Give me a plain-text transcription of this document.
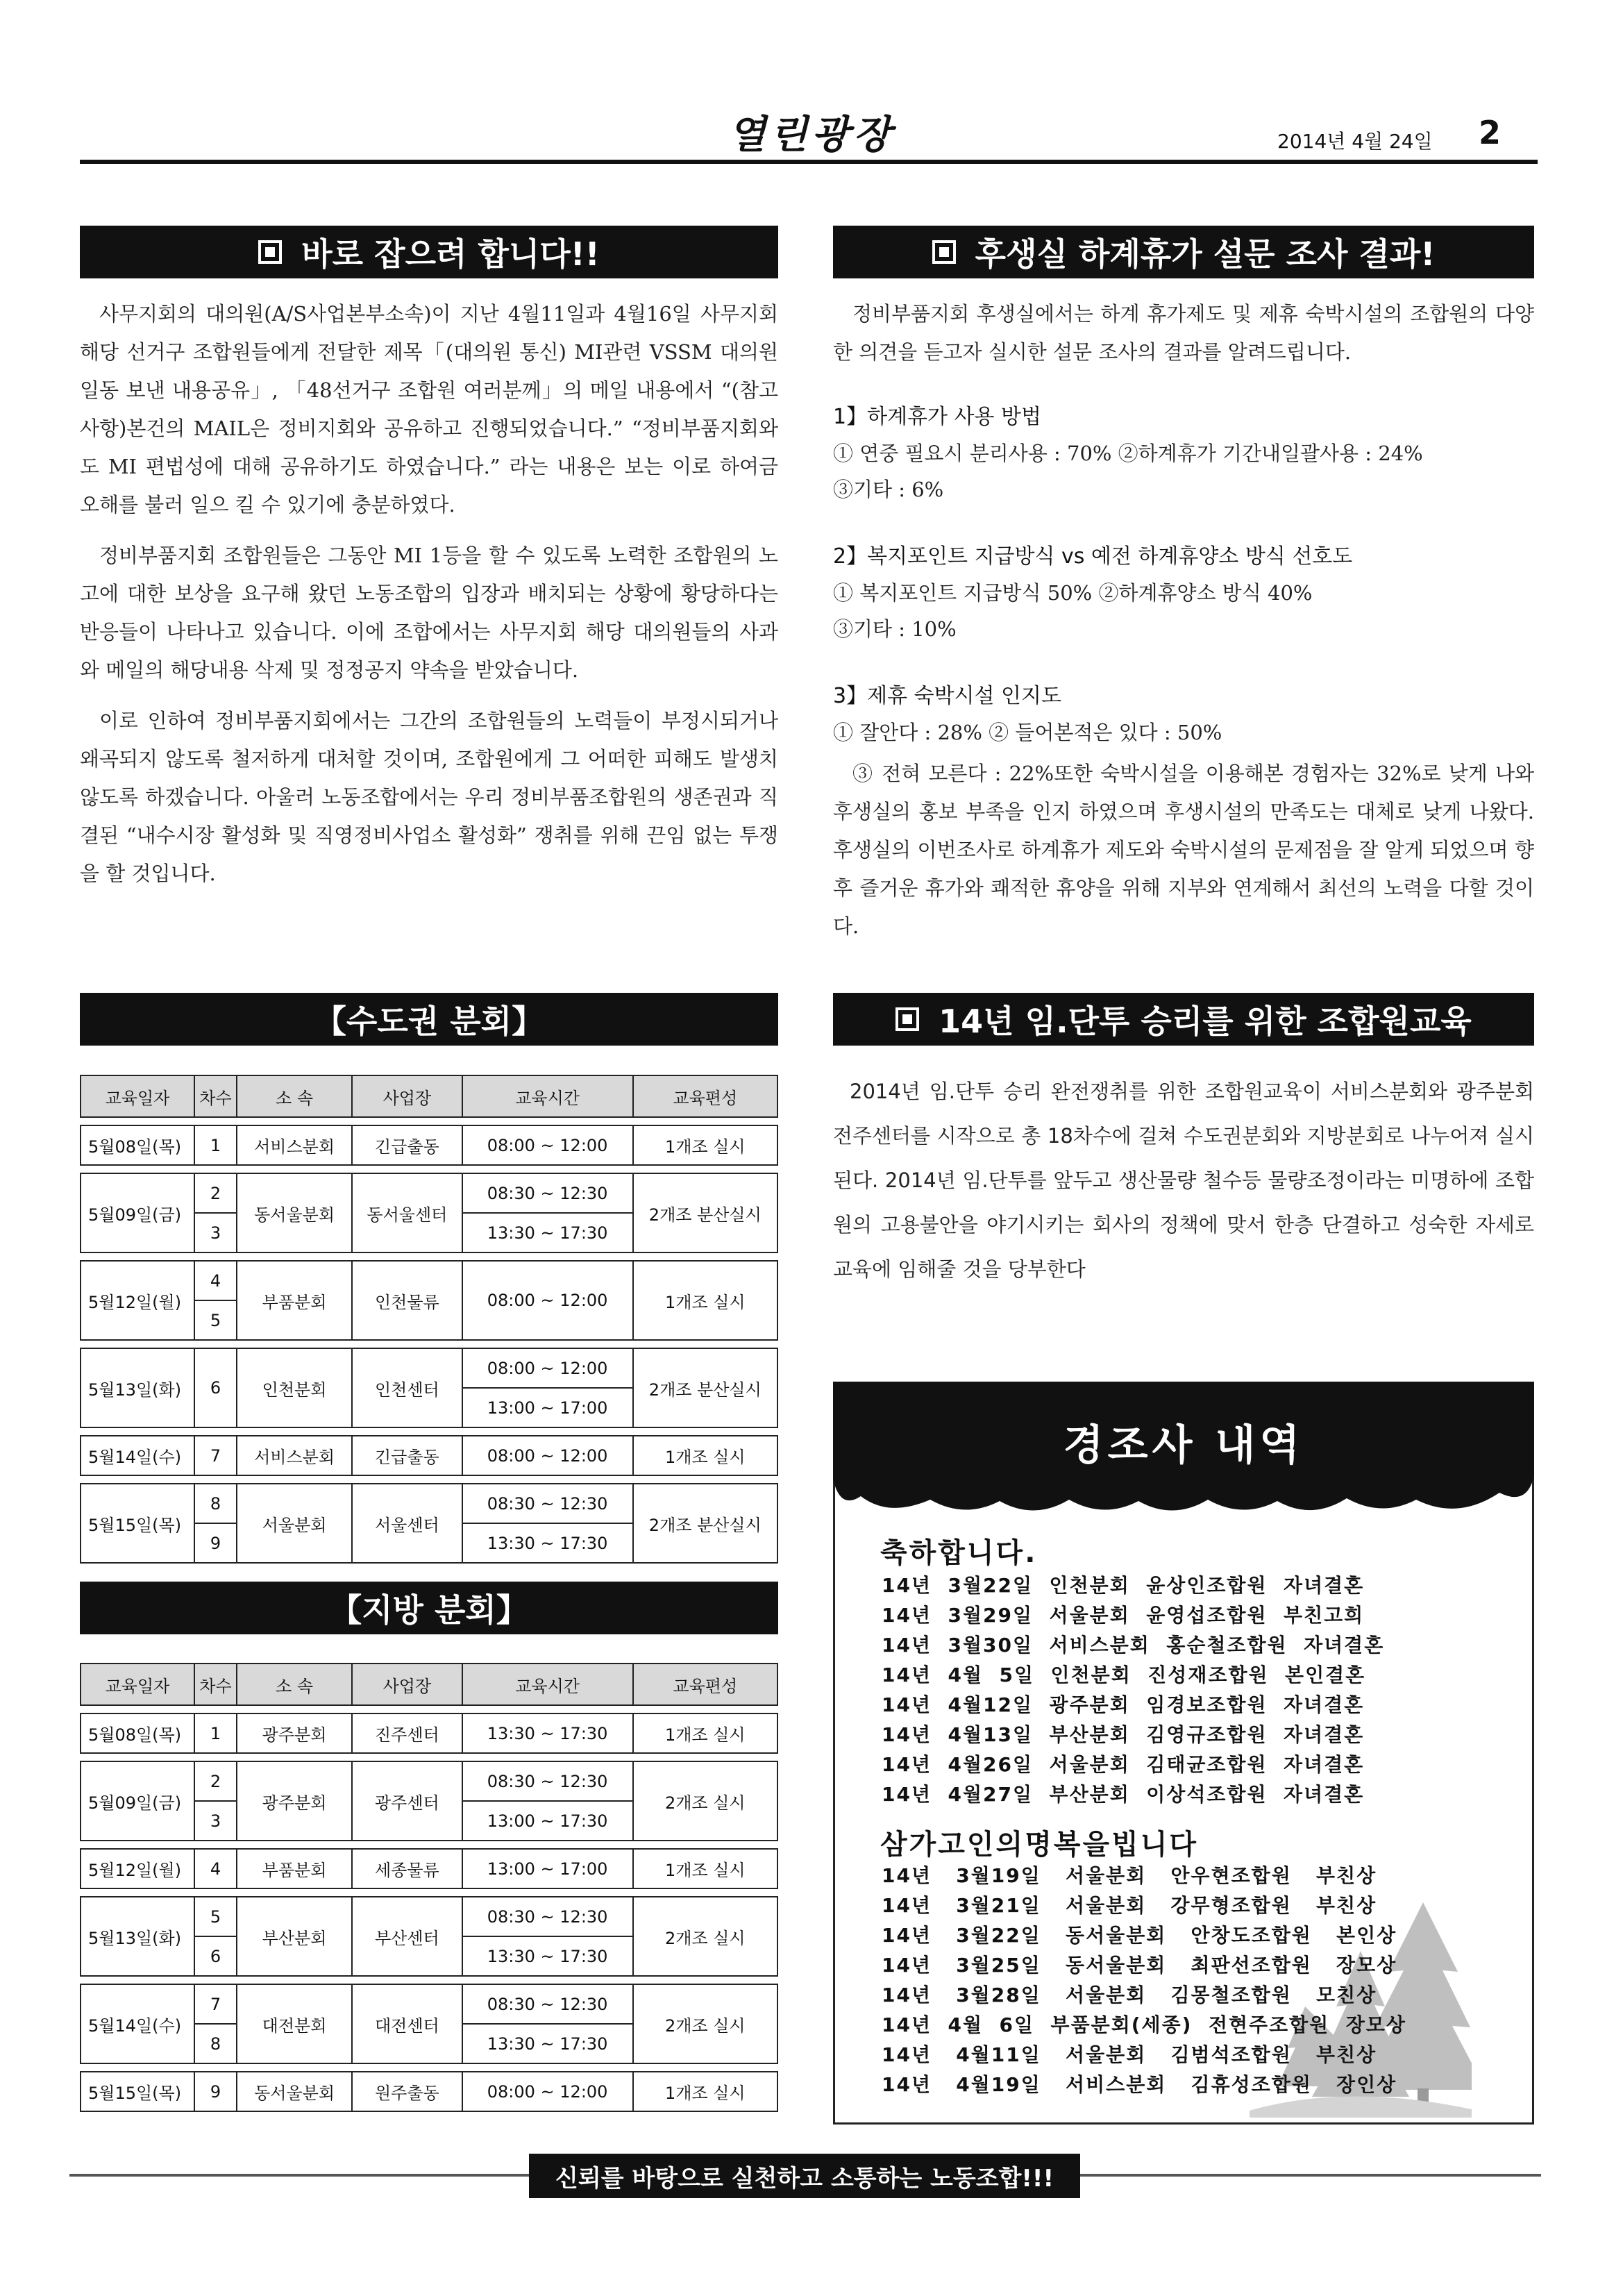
열린광장	2014년 4월 24일 2
바로 잡으려 합니다!!

사무지회의 대의원(A/S사업본부소속)이 지난 4월11일과 4월16일 사무지회 해당 선거구 조합원들에게 전달한 제목「(대의원 통신) MI관련 VSSM 대의원 일동 보낸 내용공유」, 「48선거구 조합원 여러분께」의 메일 내용에서 “(참고사항)본건의 MAIL은 정비지회와 공유하고 진행되었습니다.” “정비부품지회와도 MI 편법성에 대해 공유하기도 하였습니다.” 라는 내용은 보는 이로 하여금 오해를 불러 일으 킬 수 있기에 충분하였다.

정비부품지회 조합원들은 그동안 MI 1등을 할 수 있도록 노력한 조합원의 노고에 대한 보상을 요구해 왔던 노동조합의 입장과 배치되는 상황에 황당하다는 반응들이 나타나고 있습니다. 이에 조합에서는 사무지회 해당 대의원들의 사과와 메일의 해당내용 삭제 및 정정공지 약속을 받았습니다.

이로 인하여 정비부품지회에서는 그간의 조합원들의 노력들이 부정시되거나 왜곡되지 않도록 철저하게 대처할 것이며, 조합원에게 그 어떠한 피해도 발생치 않도록 하겠습니다. 아울러 노동조합에서는 우리 정비부품조합원의 생존권과 직결된 “내수시장 활성화 및 직영정비사업소 활성화” 쟁취를 위해 끈임 없는 투쟁을 할 것입니다.

후생실 하계휴가 설문 조사 결과!

정비부품지회 후생실에서는 하계 휴가제도 및 제휴 숙박시설의 조합원의 다양한 의견을 듣고자 실시한 설문 조사의 결과를 알려드립니다.

1】하계휴가 사용 방법
① 연중 필요시 분리사용 : 70% ②하계휴가 기간내일괄사용 : 24%
③기타 : 6%
2】복지포인트 지급방식 vs 예전 하계휴양소 방식 선호도
① 복지포인트 지급방식 50% ②하계휴양소 방식 40%
③기타 : 10%
3】제휴 숙박시설 인지도
① 잘안다 : 28% ② 들어본적은 있다 : 50%

③ 전혀 모른다 : 22%또한 숙박시설을 이용해본 경험자는 32%로 낮게 나와 후생실의 홍보 부족을 인지 하였으며 후생시설의 만족도는 대체로 낮게 나왔다. 후생실의 이번조사로 하계휴가 제도와 숙박시설의 문제점을 잘 알게 되었으며 향후 즐거운 휴가와 쾌적한 휴양을 위해 지부와 연계해서 최선의 노력을 다할 것이다.

【수도권 분회】
교육일자	차수	소 속	사업장	교육시간	교육편성

5월08일(목)	1	서비스분회	긴급출동	08:00 ~ 12:00	1개조 실시

5월09일(금)	2	동서울분회	동서울센터	08:30 ~ 12:30	2개조 분산실시
	3			13:30 ~ 17:30	

5월12일(월)	4	부품분회	인천물류	08:00 ~ 12:00	1개조 실시
	5				

5월13일(화)	6	인천분회	인천센터	08:00 ~ 12:00	2개조 분산실시
				13:00 ~ 17:00	

5월14일(수)	7	서비스분회	긴급출동	08:00 ~ 12:00	1개조 실시

5월15일(목)	8	서울분회	서울센터	08:30 ~ 12:30	2개조 분산실시
	9			13:30 ~ 17:30	
【지방 분회】
교육일자	차수	소 속	사업장	교육시간	교육편성

5월08일(목)	1	광주분회	진주센터	13:30 ~ 17:30	1개조 실시

5월09일(금)	2	광주분회	광주센터	08:30 ~ 12:30	2개조 실시
	3			13:00 ~ 17:30	

5월12일(월)	4	부품분회	세종물류	13:00 ~ 17:00	1개조 실시

5월13일(화)	5	부산분회	부산센터	08:30 ~ 12:30	2개조 실시
	6			13:30 ~ 17:30	

5월14일(수)	7	대전분회	대전센터	08:30 ~ 12:30	2개조 실시
	8			13:30 ~ 17:30	

5월15일(목)	9	동서울분회	원주출동	08:00 ~ 12:00	1개조 실시
14년 임.단투 승리를 위한 조합원교육

2014년 임.단투 승리 완전쟁취를 위한 조합원교육이 서비스분회와 광주분회 전주센터를 시작으로 총 18차수에 걸쳐 수도권분회와 지방분회로 나누어져 실시된다. 2014년 임.단투를 앞두고 생산물량 철수등 물량조정이라는 미명하에 조합원의 고용불안을 야기시키는 회사의 정책에 맞서 한층 단결하고 성숙한 자세로 교육에 임해줄 것을 당부한다

경조사 내역
축하합니다.
14년  3월22일  인천분회  윤상인조합원  자녀결혼
14년  3월29일  서울분회  윤영섭조합원  부친고희
14년  3월30일  서비스분회  홍순철조합원  자녀결혼
14년  4월  5일  인천분회  진성재조합원  본인결혼
14년  4월12일  광주분회  임경보조합원  자녀결혼
14년  4월13일  부산분회  김영규조합원  자녀결혼
14년  4월26일  서울분회  김태균조합원  자녀결혼
14년  4월27일  부산분회  이상석조합원  자녀결혼
삼가고인의명복을빕니다
14년   3월19일   서울분회   안우현조합원   부친상
14년   3월21일   서울분회   강무형조합원   부친상
14년   3월22일   동서울분회   안창도조합원   본인상
14년   3월25일   동서울분회   최판선조합원   장모상
14년   3월28일   서울분회   김몽철조합원   모친상
14년  4월  6일  부품분회(세종)  전현주조합원  장모상
14년   4월11일   서울분회   김범석조합원   부친상
14년   4월19일   서비스분회   김휴성조합원   장인상
신뢰를 바탕으로 실천하고 소통하는 노동조합!!!
